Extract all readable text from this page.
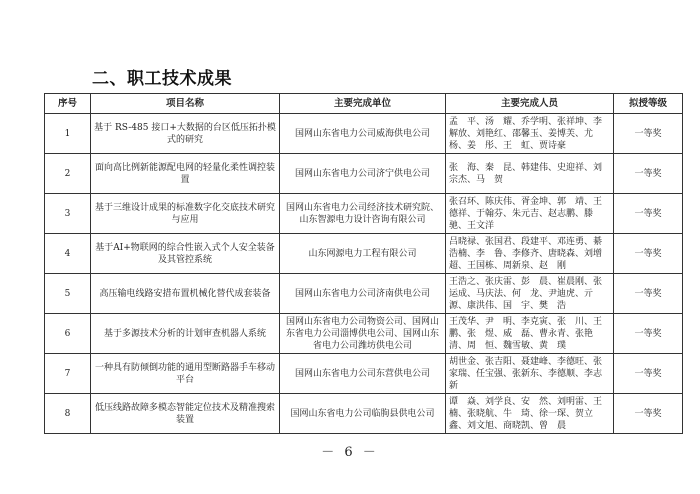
二、职工技术成果
序号	项目名称	主要完成单位	主要完成人员	拟授等级
1	基于 RS-485 接口+大数据的台区低压拓扑模式的研究	国网山东省电力公司威海供电公司	孟　平、汤　耀、乔学明、张祥坤、李解放、刘艳红、邵馨玉、姜博芙、尤　杨、姜　彤、王　虹、贾诗豪	一等奖
2	面向高比例新能源配电网的轻量化柔性调控装置	国网山东省电力公司济宁供电公司	张　海、秦　昆、韩建伟、史迎祥、刘宗杰、马　贺	一等奖
3	基于三维设计成果的标准数字化交底技术研究与应用	国网山东省电力公司经济技术研究院、山东智源电力设计咨询有限公司	张召环、陈庆伟、胥金坤、郭　靖、王德祥、于翰芬、朱元吉、赵志鹏、滕　驰、王文洋	一等奖
4	基于AI+物联网的综合性嵌入式个人安全装备及其管控系统	山东网源电力工程有限公司	吕晓禄、张国君、段建平、邓连勇、綦浩楠、李　鲁、李修齐、唐晓森、刘增超、王国栋、周新泉、赵　刚	一等奖
5	高压输电线路安措布置机械化替代成套装备	国网山东省电力公司济南供电公司	王浩之、张庆雷、彭　晨、崔晨刚、张运成、马庆法、何　龙、尹迪虎、亓　源、康洪伟、国　宇、樊　浩	一等奖
6	基于多源技术分析的计划审查机器人系统	国网山东省电力公司物资公司、国网山东省电力公司淄博供电公司、国网山东省电力公司潍坊供电公司	王茂华、尹　明、李克寅、张　川、王　鹏、张　煜、威　磊、曹永青、张艳清、周　恒、魏雪敏、黄　璞	一等奖
7	一种具有防倾倒功能的通用型断路器手车移动平台	国网山东省电力公司东营供电公司	胡世金、张吉阳、聂建峰、李德旺、张家瑞、任宝强、张新东、李德顺、李志新	一等奖
8	低压线路故障多模态智能定位技术及精准搜索装置	国网山东省电力公司临朐县供电公司	谭　焱、刘学良、安　然、刘明雷、王　楠、张晓航、牛　琦、徐一琛、贺立鑫、刘文旭、商晓凯、曾　晨	一等奖
－ 6 －
